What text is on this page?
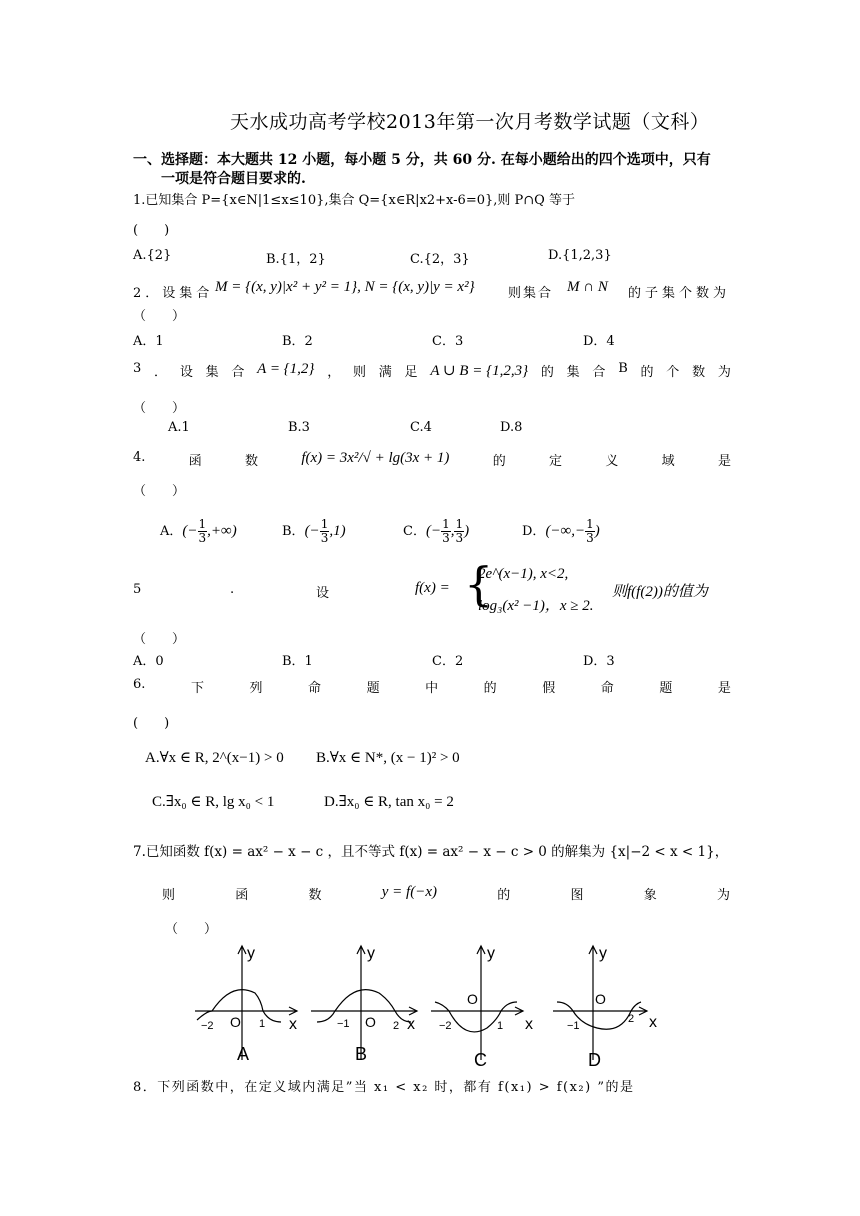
天水成功高考学校2013年第一次月考数学试题（文科）
一、选择题：本大题共 12 小题，每小题 5 分，共 60 分. 在每小题给出的四个选项中，只有
一项是符合题目要求的.
1.已知集合 P={x∈N|1≤x≤10},集合 Q={x∈R|x2+x-6=0},则 P∩Q 等于
(　　)
A.{2}	B.{1，2}	C.{2，3}	D.{1,2,3}
2．设集合 M = {(x, y)|x² + y² = 1}, N = {(x, y)|y = x²}	则集合 M ∩ N 的子集个数为
（　　）
A．1	B．2	C．3	D．4
3 ． 设 集 合 A = {1,2} ， 则 满 足 A ∪ B = {1,2,3} 的 集 合 B 的 个 数 为
（　　）
A.1	B.3	C.4	D.8
4.	函	数	f(x) = 3x²/√ + lg(3x + 1)	的	定	义	域	是
（　　）
A．(− $\frac{1}{3}$ ,+∞)	B．(− $\frac{1}{3} ,1$)	C．(− $\frac{1}{3}$ , $\frac{1}{3}$ )	D．(−∞,− $\frac{1}{3}$ )
5	.	设	f(x) = {
2e^(x−1), x<2,
log₃(x² −1)，x ≥ 2.
则f(f(2))的值为
（　　）
A．0	B．1	C．2	D．3
6.	下	列	命	题	中	的	假	命	题	是
(　　)
A.∀x ∈ R, 2^(x−1) > 0 B.∀x ∈ N*, (x − 1)² > 0
C.∃x₀ ∈ R, lg x₀ < 1	D.∃x₀ ∈ R, tan x₀ = 2
7.已知函数 f(x) = ax² − x − c ，且不等式 f(x) = ax² − x − c > 0 的解集为 {x|−2 < x < 1}，
则	函	数	y = f(−x)	的	图	象	为
（　　）
y
−2 O 1 x
A
y
−1 O 2 x
B
y
O
−2	1 x
C
y
O
−1
2 x
D
8．下列函数中，在定义域内满足”当 x₁ < x₂ 时，都有 f(x₁) > f(x₂) ”的是
